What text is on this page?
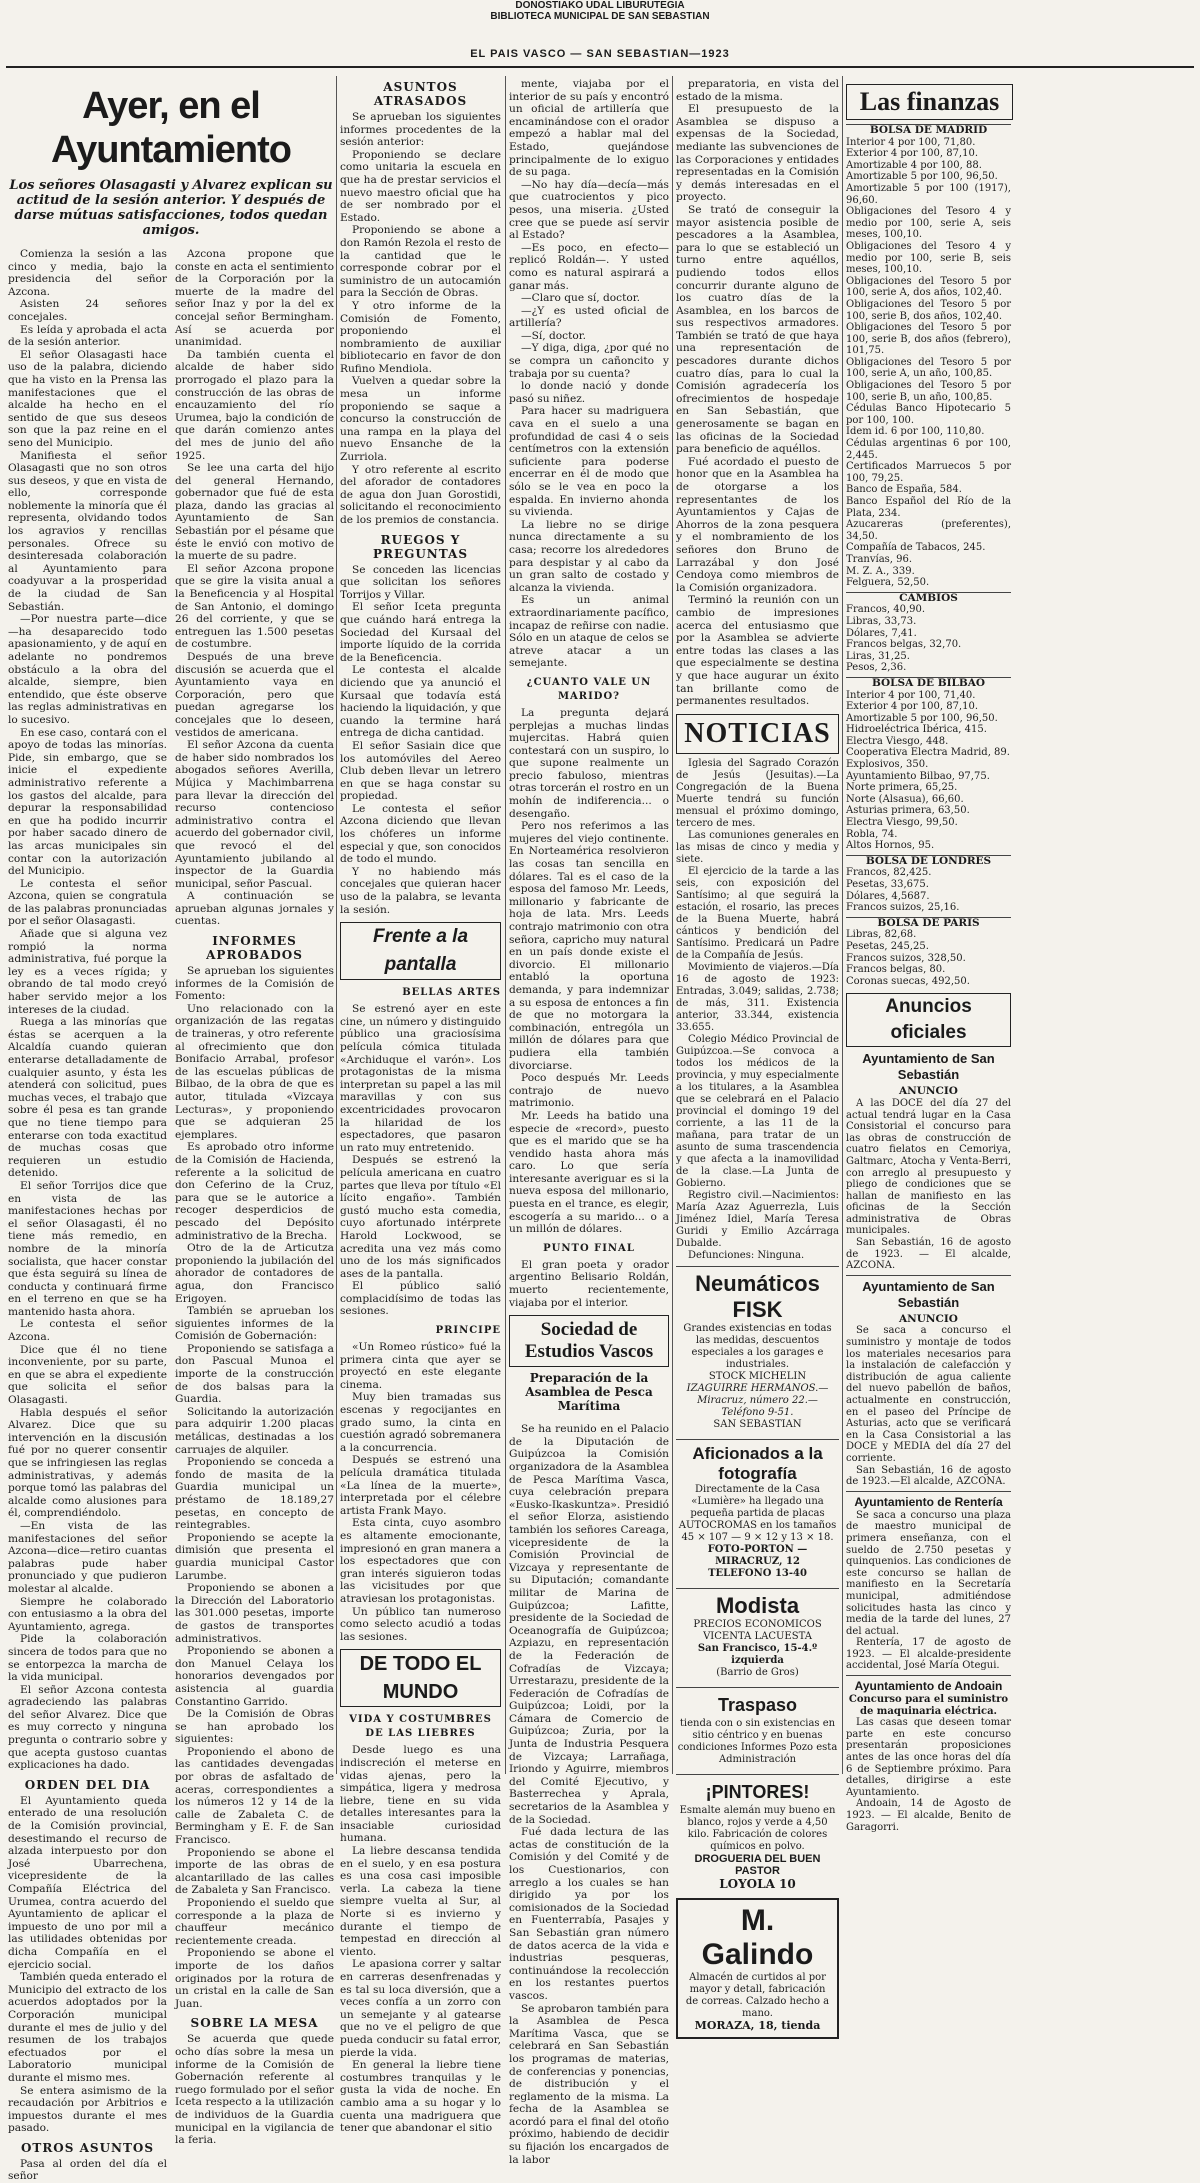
DONOSTIAKO UDAL LIBURUTEGIA
BIBLIOTECA MUNICIPAL DE SAN SEBASTIAN
EL PAIS VASCO — SAN SEBASTIAN—1923
Ayer, en el Ayuntamiento
Los señores Olasagasti y Alvarez explican su actitud de la sesión anterior. Y después de darse mútuas satisfacciones, todos quedan amigos.

Comienza la sesión a las cinco y media, bajo la presidencia del señor Azcona.

Asisten 24 señores concejales.

Es leída y aprobada el acta de la sesión anterior.

El señor Olasagasti hace uso de la palabra, diciendo que ha visto en la Prensa las manifestaciones que el alcalde ha hecho en el sentido de que sus deseos son que la paz reine en el seno del Municipio.

Manifiesta el señor Olasagasti que no son otros sus deseos, y que en vista de ello, corresponde noblemente la minoría que él representa, olvidando todos los agravios y rencillas personales. Ofrece su desinteresada colaboración al Ayuntamiento para coadyuvar a la prosperidad de la ciudad de San Sebastián.

—Por nuestra parte—dice—ha desaparecido todo apasionamiento, y de aquí en adelante no pondremos obstáculo a la obra del alcalde, siempre, bien entendido, que éste observe las reglas administrativas en lo sucesivo.

En ese caso, contará con el apoyo de todas las minorías. Pide, sin embargo, que se inicie el expediente administrativo referente a los gastos del alcalde, para depurar la responsabilidad en que ha podido incurrir por haber sacado dinero de las arcas municipales sin contar con la autorización del Municipio.

Le contesta el señor Azcona, quien se congratula de las palabras pronunciadas por el señor Olasagasti.

Añade que si alguna vez rompió la norma administrativa, fué porque la ley es a veces rígida; y obrando de tal modo creyó haber servido mejor a los intereses de la ciudad.

Ruega a las minorías que éstas se acerquen a la Alcaldía cuando quieran enterarse detalladamente de cualquier asunto, y ésta les atenderá con solicitud, pues muchas veces, el trabajo que sobre él pesa es tan grande que no tiene tiempo para enterarse con toda exactitud de muchas cosas que requieren un estudio detenido.

El señor Torrijos dice que en vista de las manifestaciones hechas por el señor Olasagasti, él no tiene más remedio, en nombre de la minoría socialista, que hacer constar que ésta seguirá su línea de conducta y continuará firme en el terreno en que se ha mantenido hasta ahora.

Le contesta el señor Azcona.

Dice que él no tiene inconveniente, por su parte, en que se abra el expediente que solicita el señor Olasagasti.

Habla después el señor Alvarez. Dice que su intervención en la discusión fué por no querer consentir que se infringiesen las reglas administrativas, y además porque tomó las palabras del alcalde como alusiones para él, comprendiéndolo.

—En vista de las manifestaciones del señor Azcona—dice—retiro cuantas palabras pude haber pronunciado y que pudieron molestar al alcalde.

Siempre he colaborado con entusiasmo a la obra del Ayuntamiento, agrega.

Pide la colaboración sincera de todos para que no se entorpezca la marcha de la vida municipal.

El señor Azcona contesta agradeciendo las palabras del señor Alvarez. Dice que es muy correcto y ninguna pregunta o contrario sobre y que acepta gustoso cuantas explicaciones ha dado.

ORDEN DEL DIA

El Ayuntamiento queda enterado de una resolución de la Comisión provincial, desestimando el recurso de alzada interpuesto por don José Ubarrechena, vicepresidente de la Compañía Eléctrica del Urumea, contra acuerdo del Ayuntamiento de aplicar el impuesto de uno por mil a las utilidades obtenidas por dicha Compañía en el ejercicio social.

También queda enterado el Municipio del extracto de los acuerdos adoptados por la Corporación municipal durante el mes de julio y del resumen de los trabajos efectuados por el Laboratorio municipal durante el mismo mes.

Se entera asimismo de la recaudación por Arbitrios e impuestos durante el mes pasado.

OTROS ASUNTOS

Pasa al orden del día el señor

Azcona propone que conste en acta el sentimiento de la Corporación por la muerte de la madre del señor Inaz y por la del ex concejal señor Bermingham. Así se acuerda por unanimidad.

Da también cuenta el alcalde de haber sido prorrogado el plazo para la construcción de las obras de encauzamiento del río Urumea, bajo la condición de que darán comienzo antes del mes de junio del año 1925.

Se lee una carta del hijo del general Hernando, gobernador que fué de esta plaza, dando las gracias al Ayuntamiento de San Sebastián por el pésame que éste le envió con motivo de la muerte de su padre.

El señor Azcona propone que se gire la visita anual a la Beneficencia y al Hospital de San Antonio, el domingo 26 del corriente, y que se entreguen las 1.500 pesetas de costumbre.

Después de una breve discusión se acuerda que el Ayuntamiento vaya en Corporación, pero que puedan agregarse los concejales que lo deseen, vestidos de americana.

El señor Azcona da cuenta de haber sido nombrados los abogados señores Averilla, Mújica y Machimbarrena para llevar la dirección del recurso contencioso administrativo contra el acuerdo del gobernador civil, que revocó el del Ayuntamiento jubilando al inspector de la Guardia municipal, señor Pascual.

A continuación se aprueban algunas jornales y cuentas.

INFORMES APROBADOS

Se aprueban los siguientes informes de la Comisión de Fomento:

Uno relacionado con la organización de las regatas de traineras, y otro referente al ofrecimiento que don Bonifacio Arrabal, profesor de las escuelas públicas de Bilbao, de la obra de que es autor, titulada «Vizcaya Lecturas», y proponiendo que se adquieran 25 ejemplares.

Es aprobado otro informe de la Comisión de Hacienda, referente a la solicitud de don Ceferino de la Cruz, para que se le autorice a recoger desperdicios de pescado del Depósito administrativo de la Brecha.

Otro de la de Articutza proponiendo la jubilación del ahorador de contadores de agua, don Francisco Erigoyen.

También se aprueban los siguientes informes de la Comisión de Gobernación:

Proponiendo se satisfaga a don Pascual Munoa el importe de la construcción de dos balsas para la Guardia.

Solicitando la autorización para adquirir 1.200 placas metálicas, destinadas a los carruajes de alquiler.

Proponiendo se conceda a fondo de masita de la Guardia municipal un préstamo de 18.189,27 pesetas, en concepto de reintegrables.

Proponiendo se acepte la dimisión que presenta el guardia municipal Castor Larumbe.

Proponiendo se abonen a la Dirección del Laboratorio las 301.000 pesetas, importe de gastos de transportes administrativos.

Proponiendo se abonen a don Manuel Celaya los honorarios devengados por asistencia al guardia Constantino Garrido.

De la Comisión de Obras se han aprobado los siguientes:

Proponiendo el abono de las cantidades devengadas por obras de asfaltado de aceras, correspondientes a los números 12 y 14 de la calle de Zabaleta C. de Bermingham y E. F. de San Francisco.

Proponiendo se abone el importe de las obras de alcantarillado de las calles de Zabaleta y San Francisco.

Proponiendo el sueldo que corresponde a la plaza de chauffeur mecánico recientemente creada.

Proponiendo se abone el importe de los daños originados por la rotura de un cristal en la calle de San Juan.

SOBRE LA MESA

Se acuerda que quede ocho días sobre la mesa un informe de la Comisión de Gobernación referente al ruego formulado por el señor Iceta respecto a la utilización de individuos de la Guardia municipal en la vigilancia de la feria.

ASUNTOS ATRASADOS

Se aprueban los siguientes informes procedentes de la sesión anterior:

Proponiendo se declare como unitaria la escuela en que ha de prestar servicios el nuevo maestro oficial que ha de ser nombrado por el Estado.

Proponiendo se abone a don Ramón Rezola el resto de la cantidad que le corresponde cobrar por el suministro de un autocamión para la Sección de Obras.

Y otro informe de la Comisión de Fomento, proponiendo el nombramiento de auxiliar bibliotecario en favor de don Rufino Mendiola.

Vuelven a quedar sobre la mesa un informe proponiendo se saque a concurso la construcción de una rampa en la playa del nuevo Ensanche de la Zurriola.

Y otro referente al escrito del aforador de contadores de agua don Juan Gorostidi, solicitando el reconocimiento de los premios de constancia.

RUEGOS Y PREGUNTAS

Se conceden las licencias que solicitan los señores Torrijos y Villar.

El señor Iceta pregunta que cuándo hará entrega la Sociedad del Kursaal del importe líquido de la corrida de la Beneficencia.

Le contesta el alcalde diciendo que ya anunció el Kursaal que todavía está haciendo la liquidación, y que cuando la termine hará entrega de dicha cantidad.

El señor Sasiain dice que los automóviles del Aereo Club deben llevar un letrero en que se haga constar su propiedad.

Le contesta el señor Azcona diciendo que llevan los chóferes un informe especial y que, son conocidos de todo el mundo.

Y no habiendo más concejales que quieran hacer uso de la palabra, se levanta la sesión.

Frente a la pantalla
BELLAS ARTES

Se estrenó ayer en este cine, un número y distinguido público una graciosísima película cómica titulada «Archiduque el varón». Los protagonistas de la misma interpretan su papel a las mil maravillas y con sus excentricidades provocaron la hilaridad de los espectadores, que pasaron un rato muy entretenido.

Después se estrenó la película americana en cuatro partes que lleva por título «El lícito engaño». También gustó mucho esta comedia, cuyo afortunado intérprete Harold Lockwood, se acredita una vez más como uno de los más significados ases de la pantalla.

El público salió complacidísimo de todas las sesiones.

PRINCIPE

«Un Romeo rústico» fué la primera cinta que ayer se proyectó en este elegante cinema.

Muy bien tramadas sus escenas y regocijantes en grado sumo, la cinta en cuestión agradó sobremanera a la concurrencia.

Después se estrenó una película dramática titulada «La línea de la muerte», interpretada por el célebre artista Frank Mayo.

Esta cinta, cuyo asombro es altamente emocionante, impresionó en gran manera a los espectadores que con gran interés siguieron todas las vicisitudes por que atraviesan los protagonistas.

Un público tan numeroso como selecto acudió a todas las sesiones.

DE TODO EL MUNDO
VIDA Y COSTUMBRES DE LAS LIEBRES

Desde luego es una indiscreción el meterse en vidas ajenas, pero la simpática, ligera y medrosa liebre, tiene en su vida detalles interesantes para la insaciable curiosidad humana.

La liebre descansa tendida en el suelo, y en esa postura es una cosa casi imposible verla. La cabeza la tiene siempre vuelta al Sur, al Norte si es invierno y durante el tiempo de tempestad en dirección al viento.

Le apasiona correr y saltar en carreras desenfrenadas y es tal su loca diversión, que a veces confía a un zorro con un semejante y al gatearse que no ve el peligro de que pueda conducir su fatal error, pierde la vida.

En general la liebre tiene costumbres tranquilas y le gusta la vida de noche. En cambio ama a su hogar y lo cuenta una madriguera que tener que abandonar el sitio

mente, viajaba por el interior de su país y encontró un oficial de artillería que encaminándose con el orador empezó a hablar mal del Estado, quejándose principalmente de lo exiguo de su paga.

—No hay día—decía—más que cuatrocientos y pico pesos, una miseria. ¿Usted cree que se puede así servir al Estado?

—Es poco, en efecto—replicó Roldán—. Y usted como es natural aspirará a ganar más.

—Claro que sí, doctor.

—¿Y es usted oficial de artillería?

—Sí, doctor.

—Y diga, diga, ¿por qué no se compra un cañoncito y trabaja por su cuenta?

lo donde nació y donde pasó su niñez.

Para hacer su madriguera cava en el suelo a una profundidad de casi 4 o seis centímetros con la extensión suficiente para poderse encerrar en él de modo que sólo se le vea en poco la espalda. En invierno ahonda su vivienda.

La liebre no se dirige nunca directamente a su casa; recorre los alrededores para despistar y al cabo da un gran salto de costado y alcanza la vivienda.

Es un animal extraordinariamente pacífico, incapaz de reñirse con nadie. Sólo en un ataque de celos se atreve atacar a un semejante.

¿CUANTO VALE UN MARIDO?

La pregunta dejará perplejas a muchas lindas mujercitas. Habrá quien contestará con un suspiro, lo que supone realmente un precio fabuloso, mientras otras torcerán el rostro en un mohín de indiferencia... o desengaño.

Pero nos referimos a las mujeres del viejo continente. En Norteamérica resolvieron las cosas tan sencilla en dólares. Tal es el caso de la esposa del famoso Mr. Leeds, millonario y fabricante de hoja de lata. Mrs. Leeds contrajo matrimonio con otra señora, capricho muy natural en un país donde existe el divorcio. El millonario entabló la oportuna demanda, y para indemnizar a su esposa de entonces a fin de que no motorgara la combinación, entrególa un millón de dólares para que pudiera ella también divorciarse.

Poco después Mr. Leeds contrajo de nuevo matrimonio.

Mr. Leeds ha batido una especie de «record», puesto que es el marido que se ha vendido hasta ahora más caro. Lo que sería interesante averiguar es si la nueva esposa del millonario, puesta en el trance, es elegir, escogería a su marido... o a un millón de dólares.

PUNTO FINAL

El gran poeta y orador argentino Belisario Roldán, muerto recientemente, viajaba por el interior.

Sociedad de Estudios Vascos
Preparación de la Asamblea de Pesca Marítima

Se ha reunido en el Palacio de la Diputación de Guipúzcoa la Comisión organizadora de la Asamblea de Pesca Marítima Vasca, cuya celebración prepara «Eusko-Ikaskuntza». Presidió el señor Elorza, asistiendo también los señores Careaga, vicepresidente de la Comisión Provincial de Vizcaya y representante de su Diputación; comandante militar de Marina de Guipúzcoa; Lafitte, presidente de la Sociedad de Oceanografía de Guipúzcoa; Azpiazu, en representación de la Federación de Cofradías de Vizcaya; Urrestarazu, presidente de la Federación de Cofradías de Guipúzcoa; Loidi, por la Cámara de Comercio de Guipúzcoa; Zuria, por la Junta de Industria Pesquera de Vizcaya; Larrañaga, Iriondo y Aguirre, miembros del Comité Ejecutivo, y Basterrechea y Aprala, secretarios de la Asamblea y de la Sociedad.

Fué dada lectura de las actas de constitución de la Comisión y del Comité y de los Cuestionarios, con arreglo a los cuales se han dirigido ya por los comisionados de la Sociedad en Fuenterrabía, Pasajes y San Sebastián gran número de datos acerca de la vida e industrias pesqueras, continuándose la recolección en los restantes puertos vascos.

Se aprobaron también para la Asamblea de Pesca Marítima Vasca, que se celebrará en San Sebastián los programas de materias, de conferencias y ponencias, de distribución y el reglamento de la misma. La fecha de la Asamblea se acordó para el final del otoño próximo, habiendo de decidir su fijación los encargados de la labor

preparatoria, en vista del estado de la misma.

El presupuesto de la Asamblea se dispuso a expensas de la Sociedad, mediante las subvenciones de las Corporaciones y entidades representadas en la Comisión y demás interesadas en el proyecto.

Se trató de conseguir la mayor asistencia posible de pescadores a la Asamblea, para lo que se estableció un turno entre aquéllos, pudiendo todos ellos concurrir durante alguno de los cuatro días de la Asamblea, en los barcos de sus respectivos armadores. También se trató de que haya una representación de pescadores durante dichos cuatro días, para lo cual la Comisión agradecería los ofrecimientos de hospedaje en San Sebastián, que generosamente se bagan en las oficinas de la Sociedad para beneficio de aquéllos.

Fué acordado el puesto de honor que en la Asamblea ha de otorgarse a los representantes de los Ayuntamientos y Cajas de Ahorros de la zona pesquera y el nombramiento de los señores don Bruno de Larrazábal y don José Cendoya como miembros de la Comisión organizadora.

Terminó la reunión con un cambio de impresiones acerca del entusiasmo que por la Asamblea se advierte entre todas las clases a las que especialmente se destina y que hace augurar un éxito tan brillante como de permanentes resultados.

NOTICIAS

Iglesia del Sagrado Corazón de Jesús (Jesuitas).—La Congregación de la Buena Muerte tendrá su función mensual el próximo domingo, tercero de mes.

Las comuniones generales en las misas de cinco y media y siete.

El ejercicio de la tarde a las seis, con exposición del Santísimo; al que seguirá la estación, el rosario, las preces de la Buena Muerte, habrá cánticos y bendición del Santísimo. Predicará un Padre de la Compañía de Jesús.

Movimiento de viajeros.—Día 16 de agosto de 1923: Entradas, 3.049; salidas, 2.738; de más, 311. Existencia anterior, 33.344, existencia 33.655.

Colegio Médico Provincial de Guipúzcoa.—Se convoca a todos los médicos de la provincia, y muy especialmente a los titulares, a la Asamblea que se celebrará en el Palacio provincial el domingo 19 del corriente, a las 11 de la mañana, para tratar de un asunto de suma trascendencia y que afecta a la inamovilidad de la clase.—La Junta de Gobierno.

Registro civil.—Nacimientos: María Azaz Aguerrezla, Luis Jiménez Idiel, María Teresa Guridi y Emilio Azcárraga Dubalde.

Defunciones: Ninguna.

Neumáticos FISK
Grandes existencias en todas las medidas, descuentos especiales a los garages e industriales.
STOCK MICHELIN
IZAGUIRRE HERMANOS.—Miracruz, número 22.—Teléfono 9-51.
SAN SEBASTIAN
Aficionados a la fotografía
Directamente de la Casa «Lumière» ha llegado una pequeña partida de placas AUTOCROMAS en los tamaños 45 × 107 — 9 × 12 y 13 × 18.
FOTO-PORTON — MIRACRUZ, 12
TELEFONO 13-40
Modista
PRECIOS ECONOMICOS
VICENTA LACUESTA
San Francisco, 15-4.º izquierda
(Barrio de Gros)
Traspaso
tienda con o sin existencias en sitio céntrico y en buenas condiciones Informes Pozo esta Administración
¡PINTORES!
Esmalte alemán muy bueno en blanco, rojos y verde a 4,50 kilo. Fabricación de colores químicos en polvo.
DROGUERIA DEL BUEN PASTOR
LOYOLA 10
M. Galindo
Almacén de curtidos al por mayor y detall, fabricación de correas. Calzado hecho a mano.
MORAZA, 18, tienda
Las finanzas
BOLSA DE MADRID

Interior 4 por 100, 71,80.

Exterior 4 por 100, 87,10.

Amortizable 4 por 100, 88.

Amortizable 5 por 100, 96,50.

Amortizable 5 por 100 (1917), 96,60.

Obligaciones del Tesoro 4 y medio por 100, serie A, seis meses, 100,10.

Obligaciones del Tesoro 4 y medio por 100, serie B, seis meses, 100,10.

Obligaciones del Tesoro 5 por 100, serie A, dos años, 102,40.

Obligaciones del Tesoro 5 por 100, serie B, dos años, 102,40.

Obligaciones del Tesoro 5 por 100, serie B, dos años (febrero), 101,75.

Obligaciones del Tesoro 5 por 100, serie A, un año, 100,85.

Obligaciones del Tesoro 5 por 100, serie B, un año, 100,85.

Cédulas Banco Hipotecario 5 por 100, 100.

Idem id. 6 por 100, 110,80.

Cédulas argentinas 6 por 100, 2,445.

Certificados Marruecos 5 por 100, 79,25.

Banco de España, 584.

Banco Español del Río de la Plata, 234.

Azucareras (preferentes), 34,50.

Compañía de Tabacos, 245.

Tranvías, 96.

M. Z. A., 339.

Felguera, 52,50.

CAMBIOS

Francos, 40,90.

Libras, 33,73.

Dólares, 7,41.

Francos belgas, 32,70.

Liras, 31,25.

Pesos, 2,36.

BOLSA DE BILBAO

Interior 4 por 100, 71,40.

Exterior 4 por 100, 87,10.

Amortizable 5 por 100, 96,50.

Hidroeléctrica Ibérica, 415.

Electra Viesgo, 448.

Cooperativa Electra Madrid, 89.

Explosivos, 350.

Ayuntamiento Bilbao, 97,75.

Norte primera, 65,25.

Norte (Alsasua), 66,60.

Asturias primera, 63,50.

Electra Viesgo, 99,50.

Robla, 74.

Altos Hornos, 95.

BOLSA DE LONDRES

Francos, 82,425.

Pesetas, 33,675.

Dólares, 4,5687.

Francos suizos, 25,16.

BOLSA DE PARIS

Libras, 82,68.

Pesetas, 245,25.

Francos suizos, 328,50.

Francos belgas, 80.

Coronas suecas, 492,50.

Anuncios oficiales
Ayuntamiento de San Sebastián
ANUNCIO

A las DOCE del día 27 del actual tendrá lugar en la Casa Consistorial el concurso para las obras de construcción de cuatro fielatos en Cemoriya, Galtmarc, Atocha y Venta-Berri, con arreglo al presupuesto y pliego de condiciones que se hallan de manifiesto en las oficinas de la Sección administrativa de Obras municipales.

San Sebastián, 16 de agosto de 1923. — El alcalde, AZCONA.

Ayuntamiento de San Sebastián
ANUNCIO

Se saca a concurso el suministro y montaje de todos los materiales necesarios para la instalación de calefacción y distribución de agua caliente del nuevo pabellón de baños, actualmente en construcción, en el paseo del Príncipe de Asturias, acto que se verificará en la Casa Consistorial a las DOCE y MEDIA del día 27 del corriente.

San Sebastián, 16 de agosto de 1923.—El alcalde, AZCONA.

Ayuntamiento de Rentería

Se saca a concurso una plaza de maestro municipal de primera enseñanza, con el sueldo de 2.750 pesetas y quinquenios. Las condiciones de este concurso se hallan de manifiesto en la Secretaría municipal, admitiéndose solicitudes hasta las cinco y media de la tarde del lunes, 27 del actual.

Rentería, 17 de agosto de 1923. — El alcalde-presidente accidental, José María Otegui.

Ayuntamiento de Andoain
Concurso para el suministro de maquinaria eléctrica.

Las casas que deseen tomar parte en este concurso presentarán proposiciones antes de las once horas del día 6 de Septiembre próximo. Para detalles, dirigirse a este Ayuntamiento.

Andoain, 14 de Agosto de 1923. — El alcalde, Benito de Garagorri.
